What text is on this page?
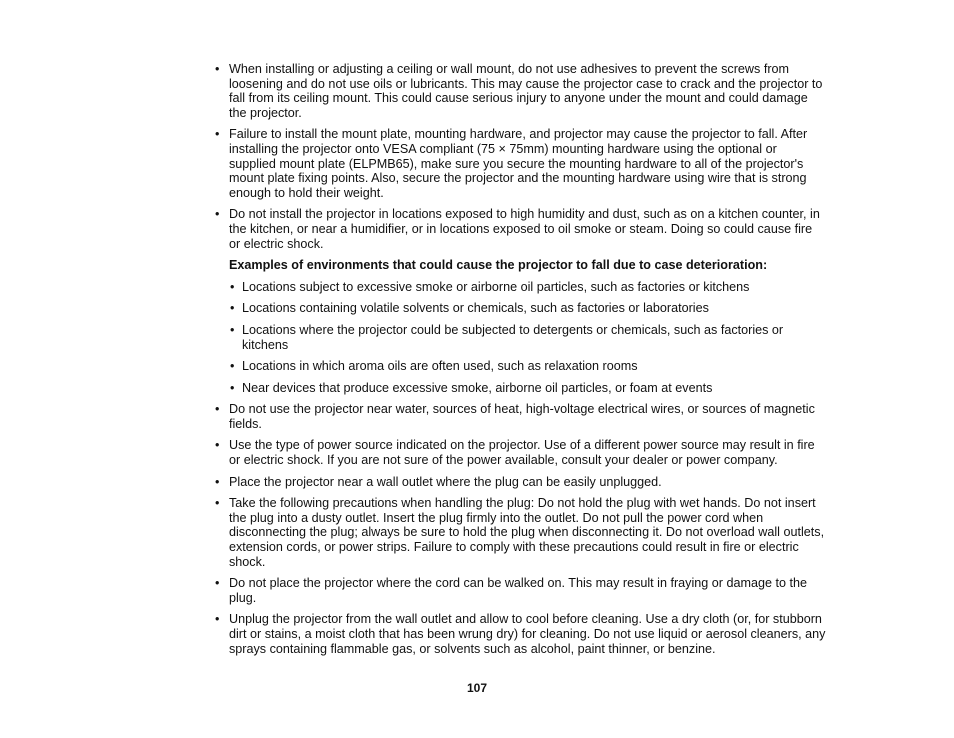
• When installing or adjusting a ceiling or wall mount, do not use adhesives to prevent the screws from loosening and do not use oils or lubricants. This may cause the projector case to crack and the projector to fall from its ceiling mount. This could cause serious injury to anyone under the mount and could damage the projector.
• Failure to install the mount plate, mounting hardware, and projector may cause the projector to fall. After installing the projector onto VESA compliant (75 × 75mm) mounting hardware using the optional or supplied mount plate (ELPMB65), make sure you secure the mounting hardware to all of the projector's mount plate fixing points. Also, secure the projector and the mounting hardware using wire that is strong enough to hold their weight.
• Do not install the projector in locations exposed to high humidity and dust, such as on a kitchen counter, in the kitchen, or near a humidifier, or in locations exposed to oil smoke or steam. Doing so could cause fire or electric shock.

Examples of environments that could cause the projector to fall due to case deterioration:

• Locations subject to excessive smoke or airborne oil particles, such as factories or kitchens
• Locations containing volatile solvents or chemicals, such as factories or laboratories
• Locations where the projector could be subjected to detergents or chemicals, such as factories or kitchens
• Locations in which aroma oils are often used, such as relaxation rooms
• Near devices that produce excessive smoke, airborne oil particles, or foam at events
• Do not use the projector near water, sources of heat, high-voltage electrical wires, or sources of magnetic fields.
• Use the type of power source indicated on the projector. Use of a different power source may result in fire or electric shock. If you are not sure of the power available, consult your dealer or power company.
• Place the projector near a wall outlet where the plug can be easily unplugged.
• Take the following precautions when handling the plug: Do not hold the plug with wet hands. Do not insert the plug into a dusty outlet. Insert the plug firmly into the outlet. Do not pull the power cord when disconnecting the plug; always be sure to hold the plug when disconnecting it. Do not overload wall outlets, extension cords, or power strips. Failure to comply with these precautions could result in fire or electric shock.
• Do not place the projector where the cord can be walked on. This may result in fraying or damage to the plug.
• Unplug the projector from the wall outlet and allow to cool before cleaning. Use a dry cloth (or, for stubborn dirt or stains, a moist cloth that has been wrung dry) for cleaning. Do not use liquid or aerosol cleaners, any sprays containing flammable gas, or solvents such as alcohol, paint thinner, or benzine.
107
